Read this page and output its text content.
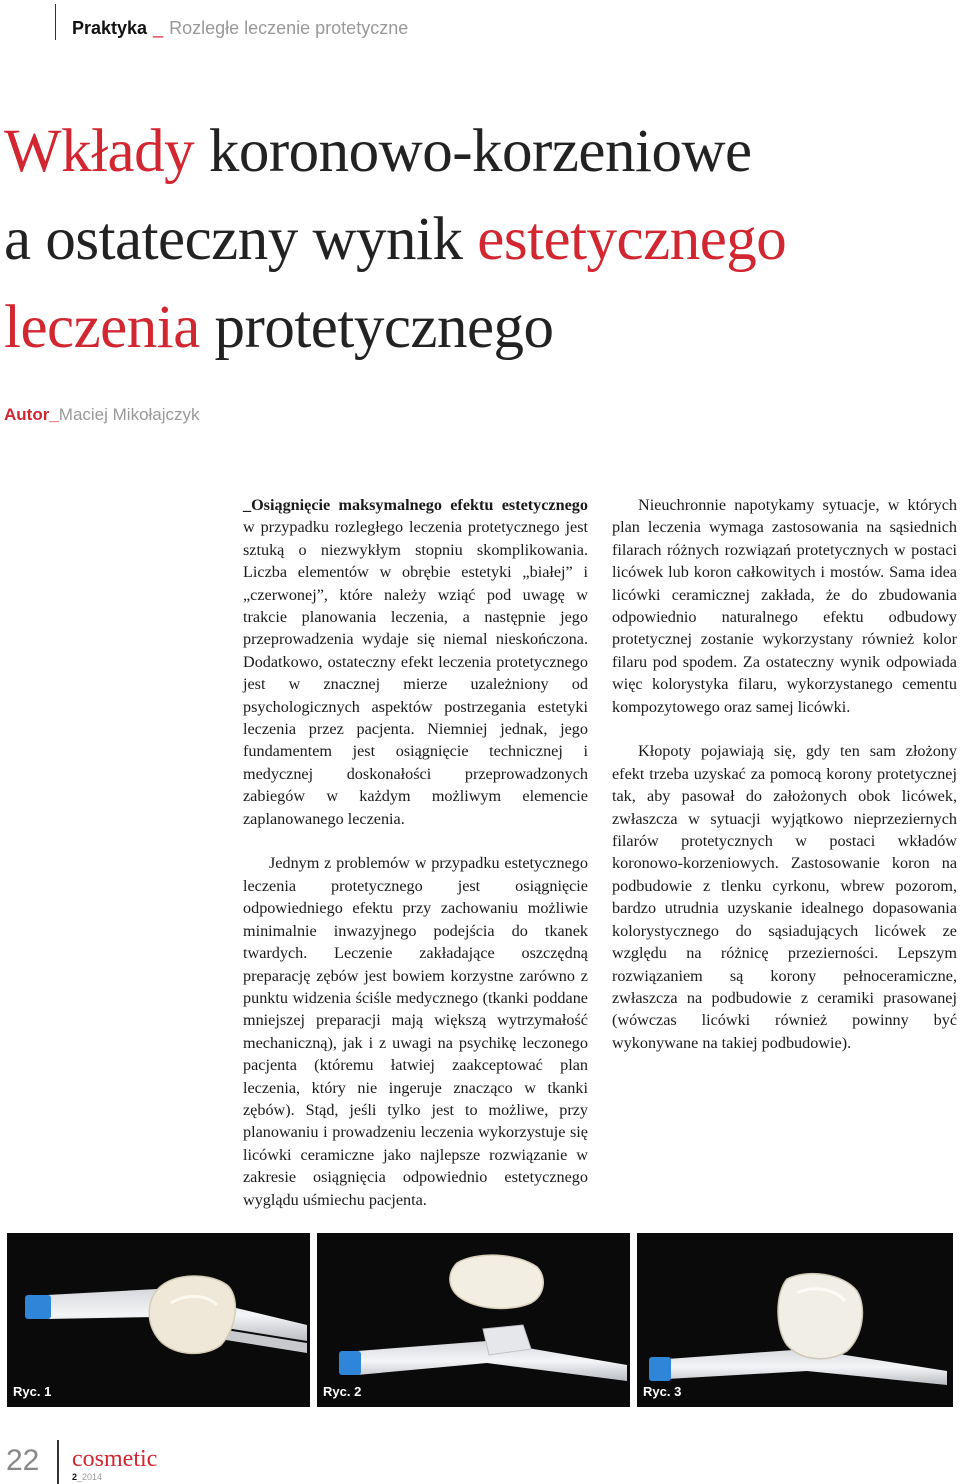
Praktyka _ Rozległe leczenie protetyczne
Wkłady koronowo-korzeniowe
a ostateczny wynik estetycznego
leczenia protetycznego
Autor_Maciej Mikołajczyk

_Osiągnięcie maksymalnego efektu estetycznego w przypadku rozległego leczenia protetycznego jest sztuką o niezwykłym stopniu skomplikowania. Liczba elementów w obrębie estetyki „białej” i „czerwonej”, które należy wziąć pod uwagę w trakcie planowania leczenia, a następnie jego przeprowadzenia wydaje się niemal nieskończona. Dodatkowo, ostateczny efekt leczenia protetycznego jest w znacznej mierze uzależniony od psychologicznych aspektów postrzegania estetyki leczenia przez pacjenta. Niemniej jednak, jego fundamentem jest osiągnięcie technicznej i medycznej doskonałości przeprowadzonych zabiegów w każdym możliwym elemencie zaplanowanego leczenia.

Jednym z problemów w przypadku estetycznego leczenia protetycznego jest osiągnięcie odpowiedniego efektu przy zachowaniu możliwie minimalnie inwazyjnego podejścia do tkanek twardych. Leczenie zakładające oszczędną preparację zębów jest bowiem korzystne zarówno z punktu widzenia ściśle medycznego (tkanki poddane mniejszej preparacji mają większą wytrzymałość mechaniczną), jak i z uwagi na psychikę leczonego pacjenta (któremu łatwiej zaakceptować plan leczenia, który nie ingeruje znacząco w tkanki zębów). Stąd, jeśli tylko jest to możliwe, przy planowaniu i prowadzeniu leczenia wykorzystuje się licówki ceramiczne jako najlepsze rozwiązanie w zakresie osiągnięcia odpowiednio estetycznego wyglądu uśmiechu pacjenta.

Nieuchronnie napotykamy sytuacje, w których plan leczenia wymaga zastosowania na sąsiednich filarach różnych rozwiązań protetycznych w postaci licówek lub koron całkowitych i mostów. Sama idea licówki ceramicznej zakłada, że do zbudowania odpowiednio naturalnego efektu odbudowy protetycznej zostanie wykorzystany również kolor filaru pod spodem. Za ostateczny wynik odpowiada więc kolorystyka filaru, wykorzystanego cementu kompozytowego oraz samej licówki.

Kłopoty pojawiają się, gdy ten sam złożony efekt trzeba uzyskać za pomocą korony protetycznej tak, aby pasował do założonych obok licówek, zwłaszcza w sytuacji wyjątkowo nieprzeziernych filarów protetycznych w postaci wkładów koronowo-korzeniowych. Zastosowanie koron na podbudowie z tlenku cyrkonu, wbrew pozorom, bardzo utrudnia uzyskanie idealnego dopasowania kolorystycznego do sąsiadujących licówek ze względu na różnicę przezierności. Lepszym rozwiązaniem są korony pełnoceramiczne, zwłaszcza na podbudowie z ceramiki prasowanej (wówczas licówki również powinny być wykonywane na takiej podbudowie).

Ryc. 1	Ryc. 2	Ryc. 3
22 cosmetic
2_2014
